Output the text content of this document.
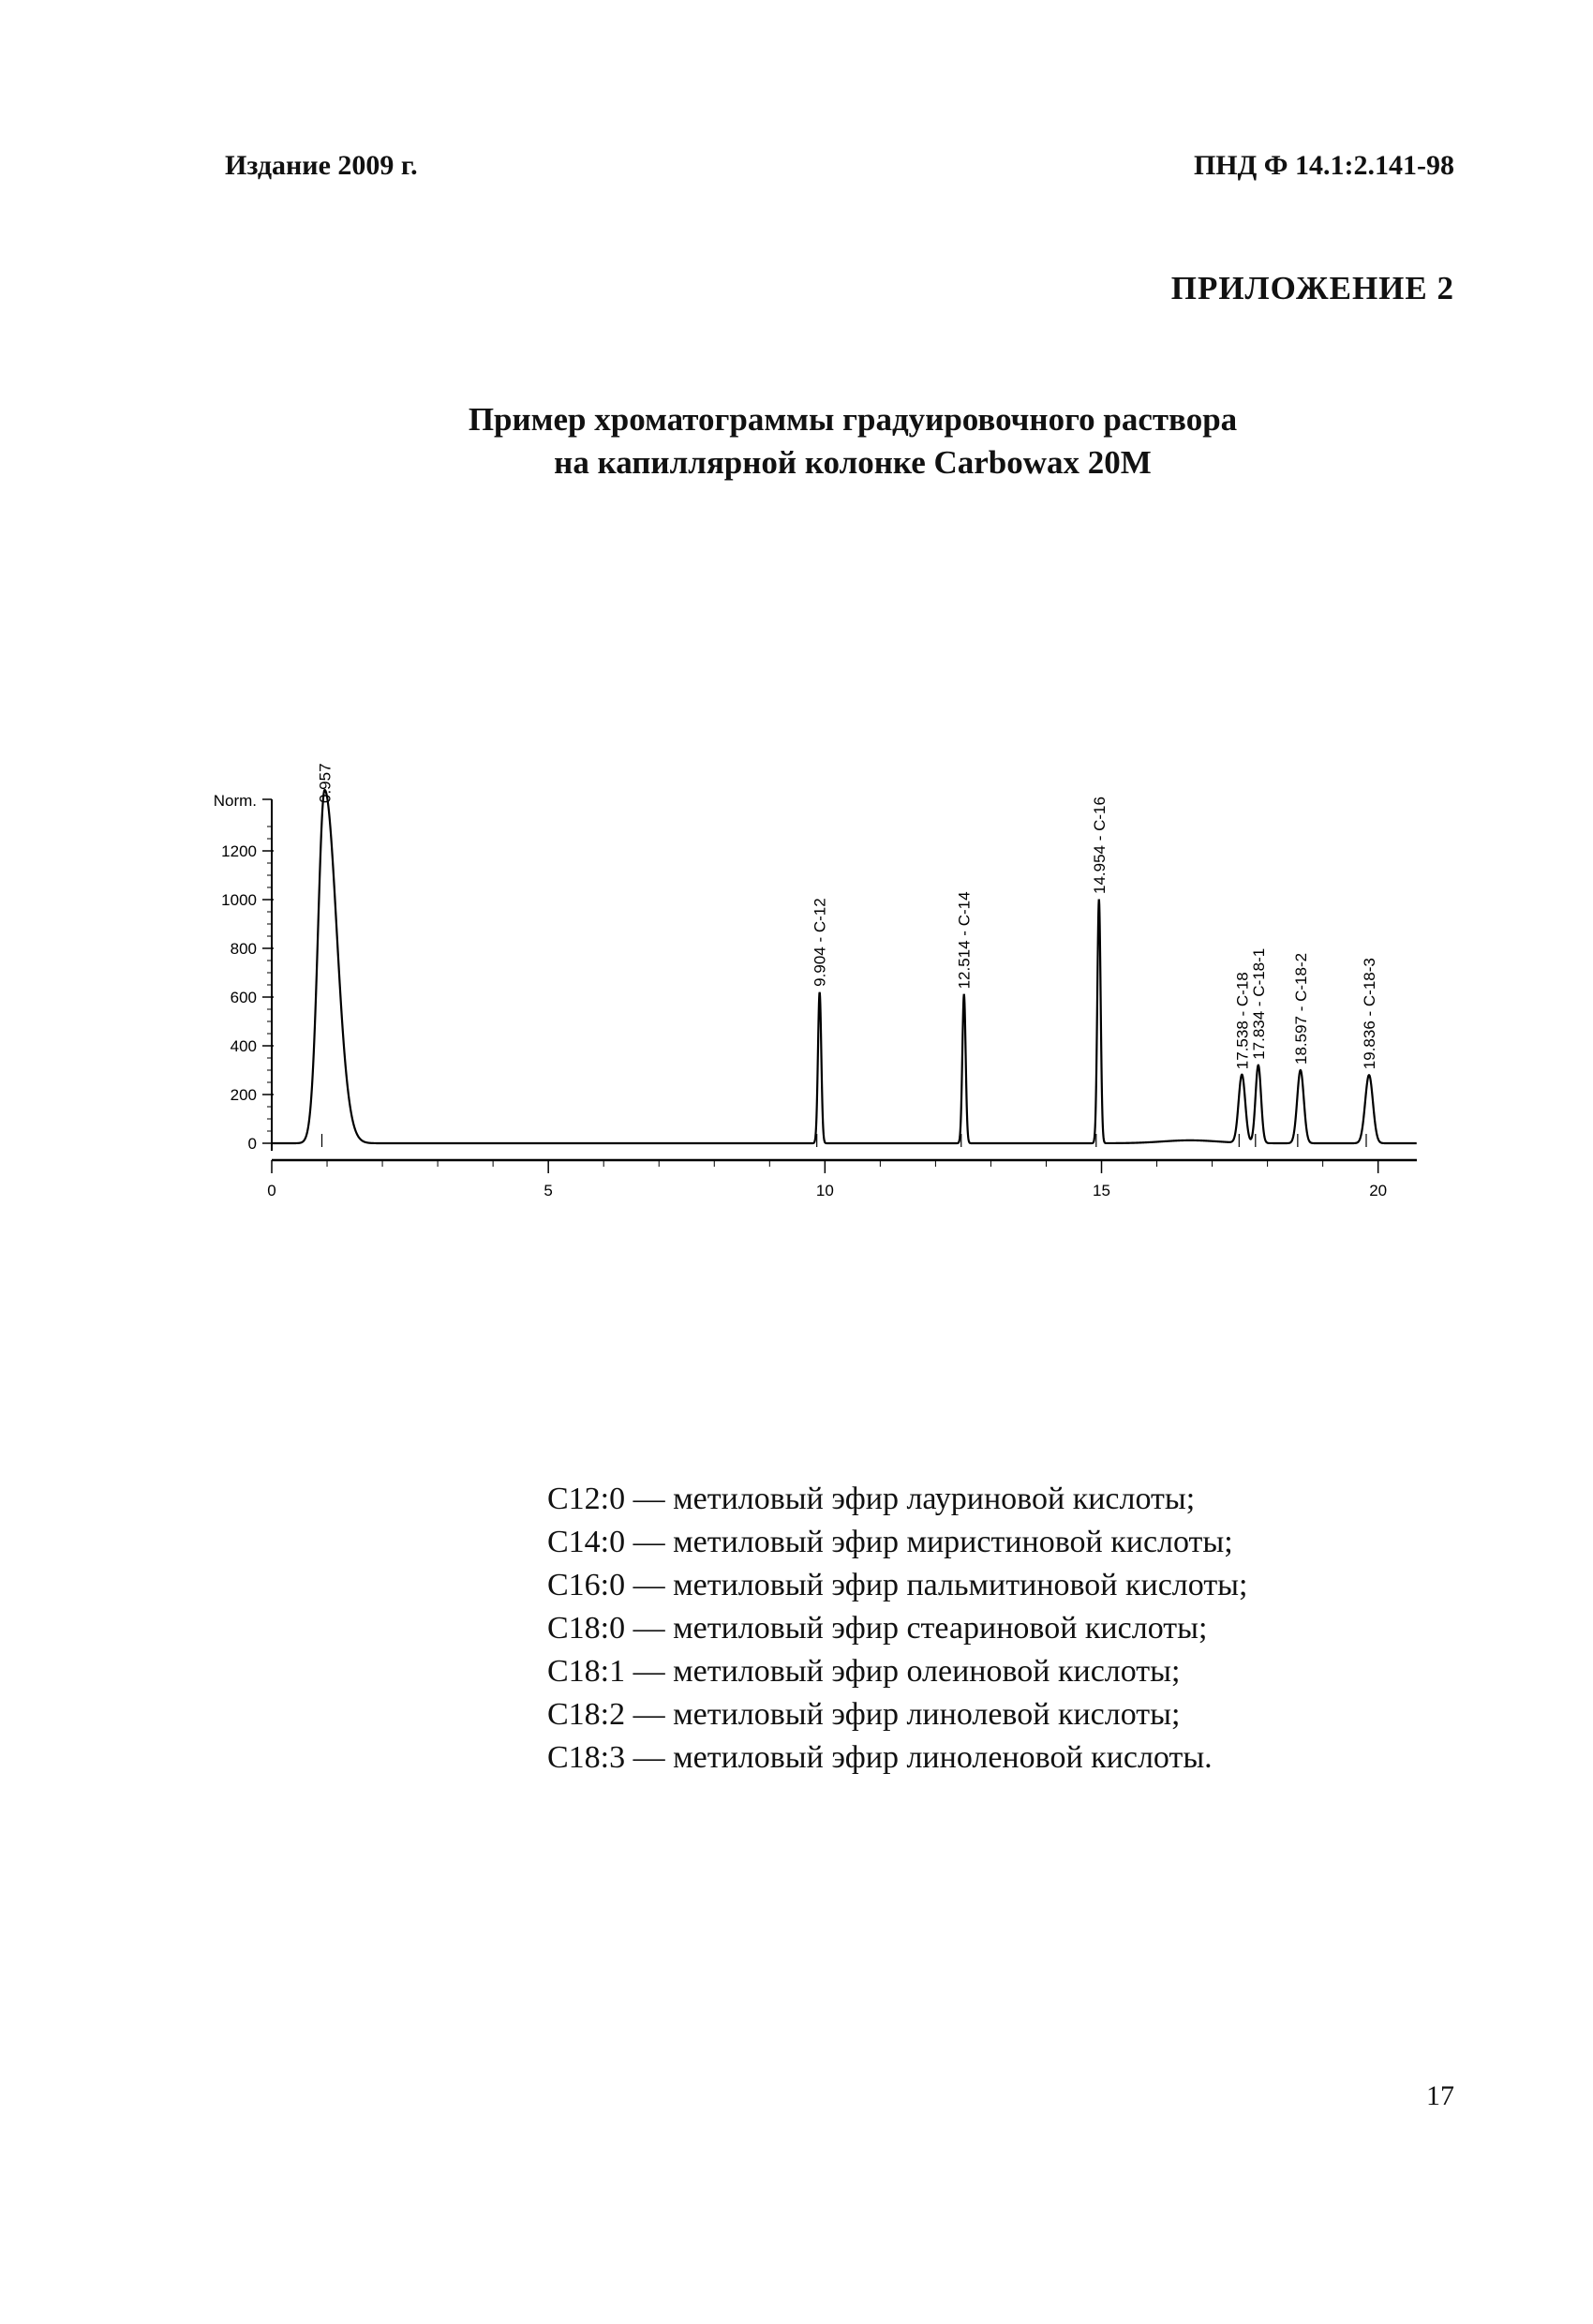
Издание 2009 г.	ПНД Ф 14.1:2.141-98
ПРИЛОЖЕНИЕ 2
Пример хроматограммы градуировочного раствора
на капиллярной колонке Carbowax 20M
0
200
400
600
800
1000
1200
Norm.
0	5	10	15	20
0.957
9.904 - C-12	12.514 - C-14
14.954 - C-16
17.538 - C-18
17.834 - C-18-1 18.597 - C-18-2	19.836 - C-18-3
C12:0 — метиловый эфир лауриновой кислоты;
C14:0 — метиловый эфир миристиновой кислоты;
C16:0 — метиловый эфир пальмитиновой кислоты;
C18:0 — метиловый эфир стеариновой кислоты;
C18:1 — метиловый эфир олеиновой кислоты;
C18:2 — метиловый эфир линолевой кислоты;
C18:3 — метиловый эфир линоленовой кислоты.
17
